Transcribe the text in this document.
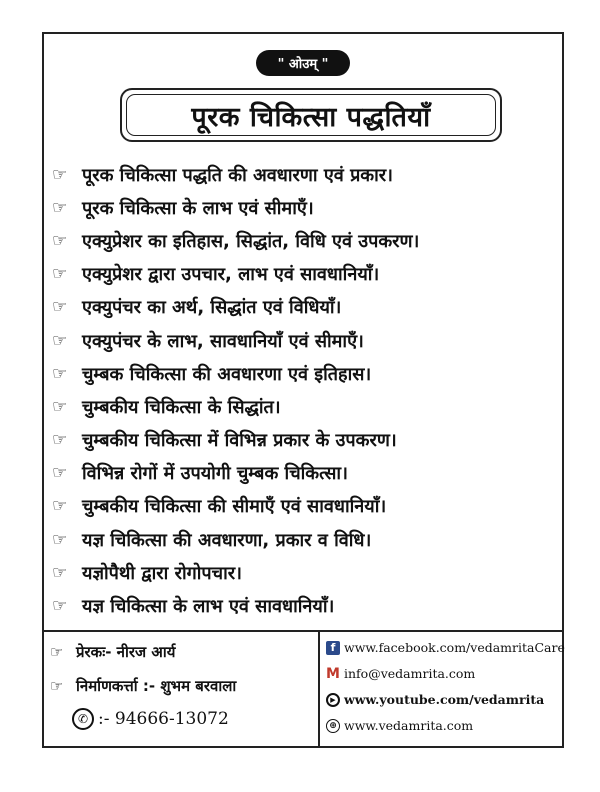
" ओउम् "
पूरक चिकित्सा पद्धतियाँ
☞ पूरक चिकित्सा पद्धति की अवधारणा एवं प्रकार।
☞ पूरक चिकित्सा के लाभ एवं सीमाएँ।
☞ एक्युप्रेशर का इतिहास, सिद्धांत, विधि एवं उपकरण।
☞ एक्युप्रेशर द्वारा उपचार, लाभ एवं सावधानियाँ।
☞ एक्युपंचर का अर्थ, सिद्धांत एवं विधियाँ।
☞ एक्युपंचर के लाभ, सावधानियाँ एवं सीमाएँ।
☞ चुम्बक चिकित्सा की अवधारणा एवं इतिहास।
☞ चुम्बकीय चिकित्सा के सिद्धांत।
☞ चुम्बकीय चिकित्सा में विभिन्न प्रकार के उपकरण।
☞ विभिन्न रोगों में उपयोगी चुम्बक चिकित्सा।
☞ चुम्बकीय चिकित्सा की सीमाएँ एवं सावधानियाँ।
☞ यज्ञ चिकित्सा की अवधारणा, प्रकार व विधि।
☞ यज्ञोपैथी द्वारा रोगोपचार।
☞ यज्ञ चिकित्सा के लाभ एवं सावधानियाँ।
☞ प्रेरकः- नीरज आर्य
☞ निर्माणकर्त्ता :- शुभम बरवाला
✆ :- 94666-13072
f www.facebook.com/vedamritaCare
M info@vedamrita.com
▶ www.youtube.com/vedamrita
⊕ www.vedamrita.com
